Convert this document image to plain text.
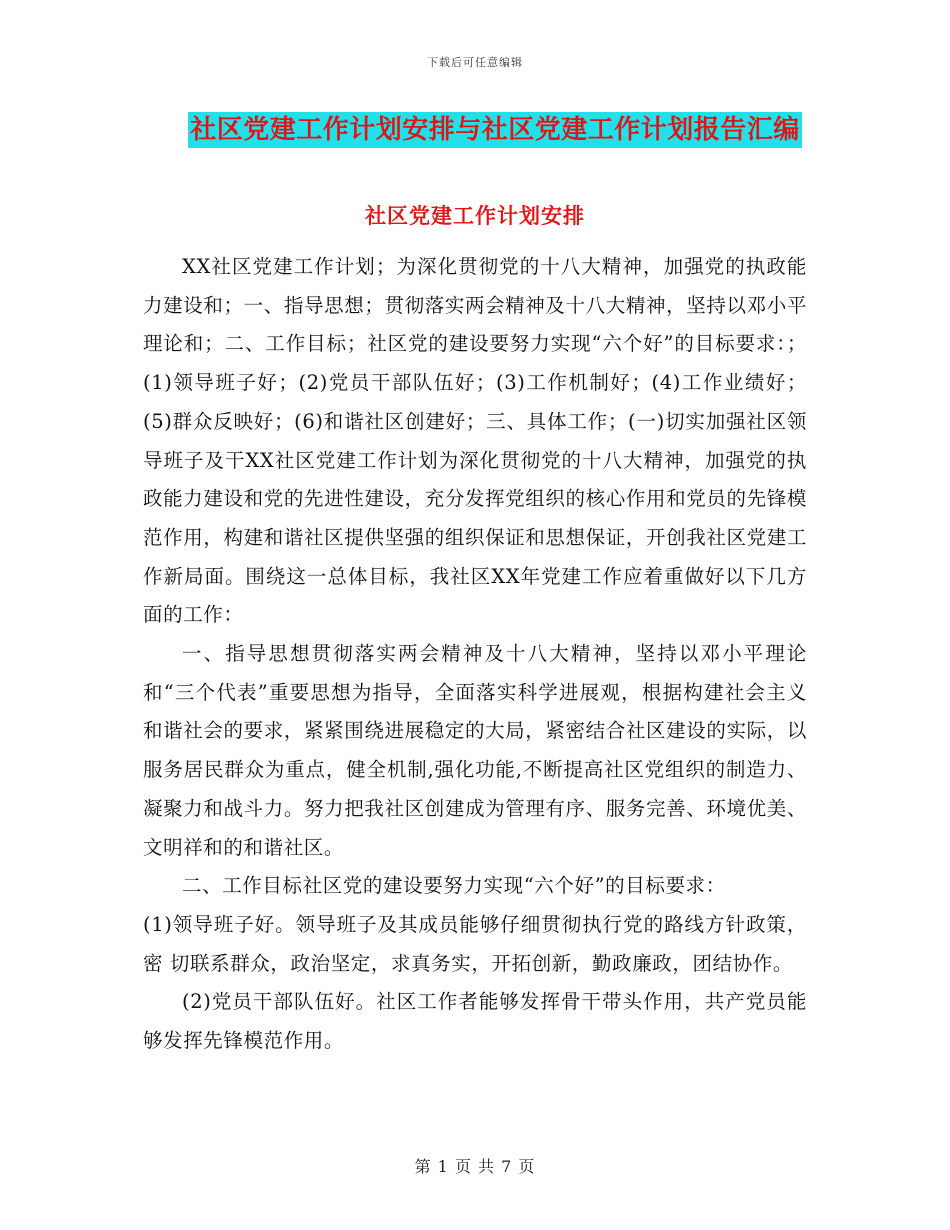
下载后可任意编辑
社区党建工作计划安排与社区党建工作计划报告汇编
社区党建工作计划安排

XX社区党建工作计划；为深化贯彻党的十八大精神，加强党的执政能力建设和；一、指导思想；贯彻落实两会精神及十八大精神，坚持以邓小平理论和；二、工作目标；社区党的建设要努力实现“六个好”的目标要求：；(1)领导班子好；(2)党员干部队伍好；(3)工作机制好；(4)工作业绩好；(5)群众反映好；(6)和谐社区创建好；三、具体工作；(一)切实加强社区领导班子及干XX社区党建工作计划为深化贯彻党的十八大精神，加强党的执政能力建设和党的先进性建设，充分发挥党组织的核心作用和党员的先锋模范作用，构建和谐社区提供坚强的组织保证和思想保证，开创我社区党建工作新局面。围绕这一总体目标，我社区XX年党建工作应着重做好以下几方面的工作：

一、指导思想贯彻落实两会精神及十八大精神，坚持以邓小平理论和“三个代表”重要思想为指导，全面落实科学进展观，根据构建社会主义和谐社会的要求，紧紧围绕进展稳定的大局，紧密结合社区建设的实际，以服务居民群众为重点，健全机制,强化功能,不断提高社区党组织的制造力、凝聚力和战斗力。努力把我社区创建成为管理有序、服务完善、环境优美、文明祥和的和谐社区。

二、工作目标社区党的建设要努力实现“六个好”的目标要求：

(1)领导班子好。领导班子及其成员能够仔细贯彻执行党的路线方针政策，密 切联系群众，政治坚定，求真务实，开拓创新，勤政廉政，团结协作。

(2)党员干部队伍好。社区工作者能够发挥骨干带头作用，共产党员能够发挥先锋模范作用。

第 1 页 共 7 页
